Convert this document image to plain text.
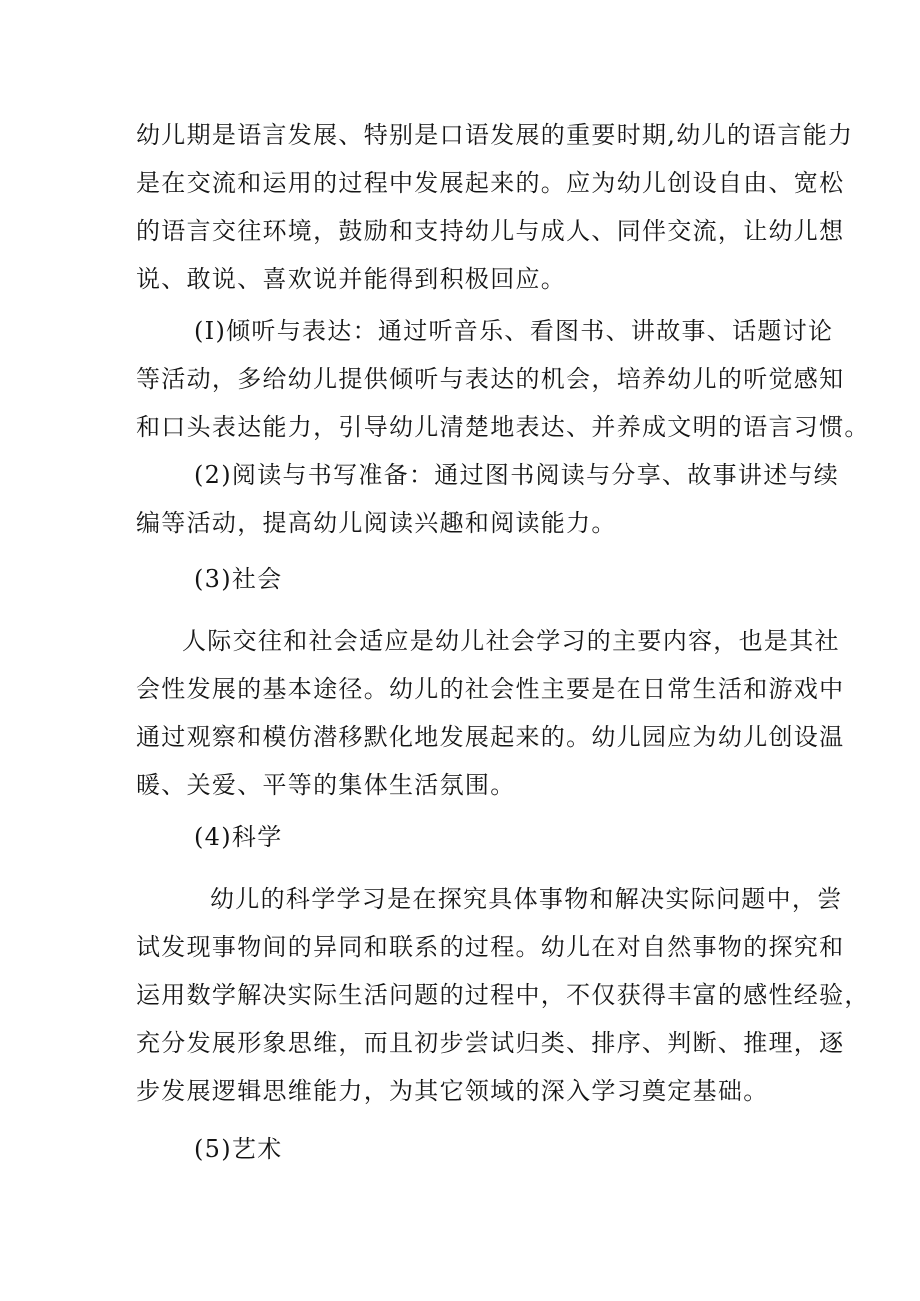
幼儿期是语言发展、特别是口语发展的重要时期,幼儿的语言能力

是在交流和运用的过程中发展起来的。应为幼儿创设自由、宽松

的语言交往环境，鼓励和支持幼儿与成人、同伴交流，让幼儿想

说、敢说、喜欢说并能得到积极回应。

(I)倾听与表达：通过听音乐、看图书、讲故事、话题讨论

等活动，多给幼儿提供倾听与表达的机会，培养幼儿的听觉感知

和口头表达能力，引导幼儿清楚地表达、并养成文明的语言习惯。

(2)阅读与书写准备：通过图书阅读与分享、故事讲述与续

编等活动，提高幼儿阅读兴趣和阅读能力。

(3)社会

人际交往和社会适应是幼儿社会学习的主要内容，也是其社

会性发展的基本途径。幼儿的社会性主要是在日常生活和游戏中

通过观察和模仿潜移默化地发展起来的。幼儿园应为幼儿创设温

暖、关爱、平等的集体生活氛围。

(4)科学

幼儿的科学学习是在探究具体事物和解决实际问题中，尝

试发现事物间的异同和联系的过程。幼儿在对自然事物的探究和

运用数学解决实际生活问题的过程中，不仅获得丰富的感性经验，

充分发展形象思维，而且初步尝试归类、排序、判断、推理，逐

步发展逻辑思维能力，为其它领域的深入学习奠定基础。

(5)艺术
